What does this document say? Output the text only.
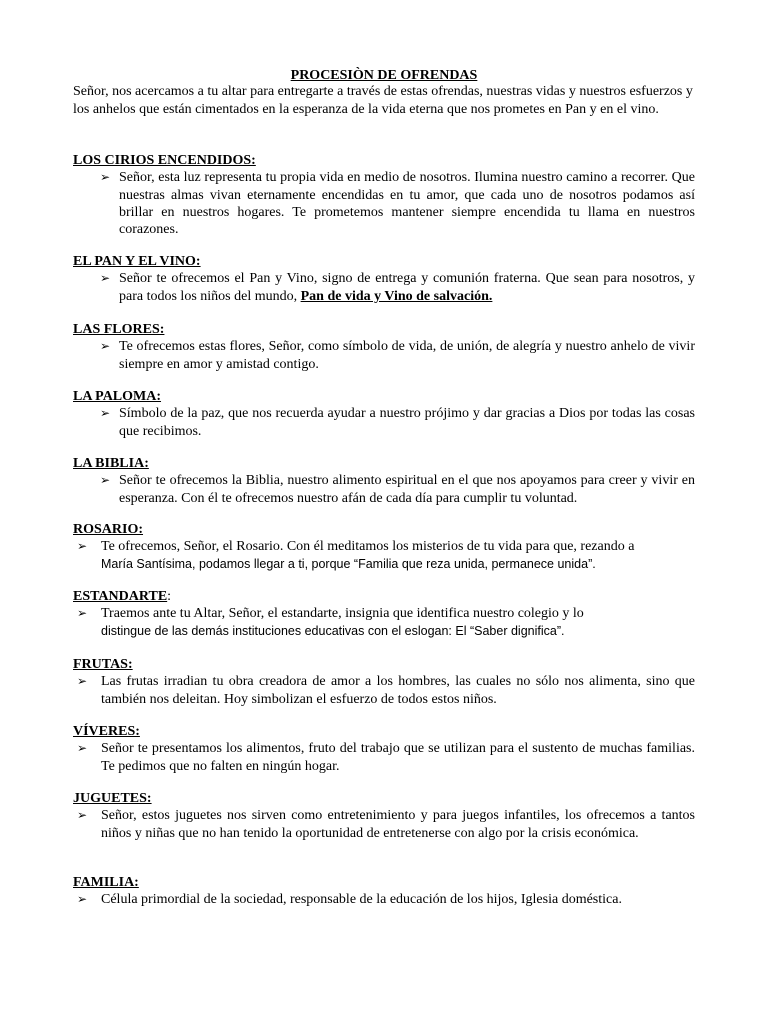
PROCESIÒN DE OFRENDAS
Señor, nos acercamos a tu altar para entregarte a través de estas ofrendas, nuestras vidas y nuestros esfuerzos y los anhelos que están cimentados en la esperanza de la vida eterna que nos prometes en Pan y en el vino.
LOS CIRIOS ENCENDIDOS:
➢ Señor, esta luz representa tu propia vida en medio de nosotros. Ilumina nuestro camino a recorrer. Que nuestras almas vivan eternamente encendidas en tu amor, que cada uno de nosotros podamos así brillar en nuestros hogares. Te prometemos mantener siempre encendida tu llama en nuestros corazones.
EL PAN Y EL VINO:
➢ Señor te ofrecemos el Pan y Vino, signo de entrega y comunión fraterna. Que sean para nosotros, y para todos los niños del mundo, Pan de vida y Vino de salvación.
LAS FLORES:
➢ Te ofrecemos estas flores, Señor, como símbolo de vida, de unión, de alegría y nuestro anhelo de vivir siempre en amor y amistad contigo.
LA PALOMA:
➢ Símbolo de la paz, que nos recuerda ayudar a nuestro prójimo y dar gracias a Dios por todas las cosas que recibimos.
LA BIBLIA:
➢ Señor te ofrecemos la Biblia, nuestro alimento espiritual en el que nos apoyamos para creer y vivir en esperanza. Con él te ofrecemos nuestro afán de cada día para cumplir tu voluntad.
ROSARIO:
➢ Te ofrecemos, Señor, el Rosario. Con él meditamos los misterios de tu vida para que, rezando a
María Santísima, podamos llegar a ti, porque “Familia que reza unida, permanece unida”.
ESTANDARTE:
➢ Traemos ante tu Altar, Señor, el estandarte, insignia que identifica nuestro colegio y lo
distingue de las demás instituciones educativas con el eslogan: El “Saber dignifica”.
FRUTAS:
➢ Las frutas irradian tu obra creadora de amor a los hombres, las cuales no sólo nos alimenta, sino que también nos deleitan. Hoy simbolizan el esfuerzo de todos estos niños.
VÍVERES:
➢ Señor te presentamos los alimentos, fruto del trabajo que se utilizan para el sustento de muchas familias. Te pedimos que no falten en ningún hogar.
JUGUETES:
➢ Señor, estos juguetes nos sirven como entretenimiento y para juegos infantiles, los ofrecemos a tantos niños y niñas que no han tenido la oportunidad de entretenerse con algo por la crisis económica.
FAMILIA:
➢ Célula primordial de la sociedad, responsable de la educación de los hijos, Iglesia doméstica.
